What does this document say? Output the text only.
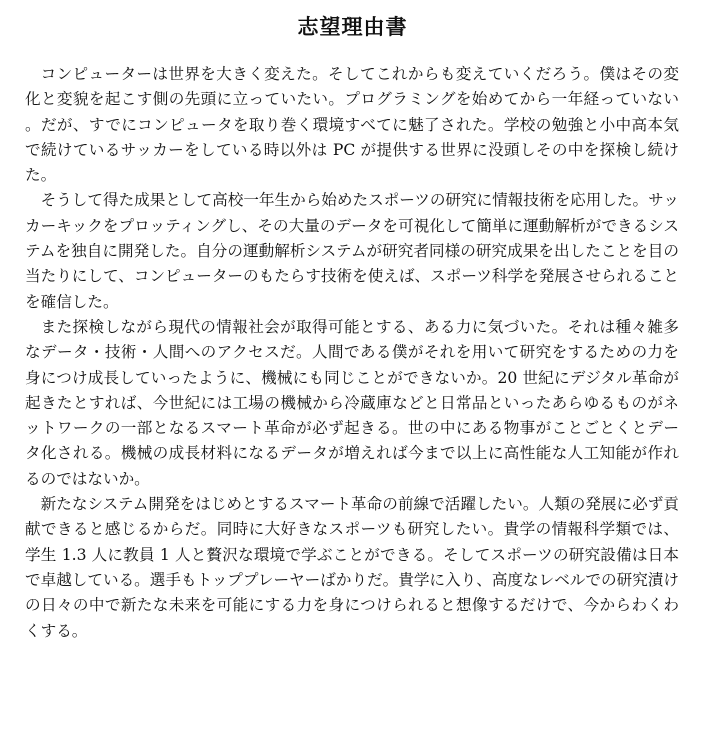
志望理由書

コンピューターは世界を大きく変えた。そしてこれからも変えていくだろう。僕はその変化と変貌を起こす側の先頭に立っていたい。プログラミングを始めてから一年経っていない。だが、すでにコンピュータを取り巻く環境すべてに魅了された。学校の勉強と小中高本気で続けているサッカーをしている時以外は PC が提供する世界に没頭しその中を探検し続けた。

そうして得た成果として高校一年生から始めたスポーツの研究に情報技術を応用した。サッカーキックをプロッティングし、その大量のデータを可視化して簡単に運動解析ができるシステムを独自に開発した。自分の運動解析システムが研究者同様の研究成果を出したことを目の当たりにして、コンピューターのもたらす技術を使えば、スポーツ科学を発展させられることを確信した。

また探検しながら現代の情報社会が取得可能とする、ある力に気づいた。それは種々雑多なデータ・技術・人間へのアクセスだ。人間である僕がそれを用いて研究をするための力を身につけ成長していったように、機械にも同じことができないか。20 世紀にデジタル革命が起きたとすれば、今世紀には工場の機械から冷蔵庫などと日常品といったあらゆるものがネットワークの一部となるスマート革命が必ず起きる。世の中にある物事がことごとくとデータ化される。機械の成長材料になるデータが増えれば今まで以上に高性能な人工知能が作れるのではないか。

新たなシステム開発をはじめとするスマート革命の前線で活躍したい。人類の発展に必ず貢献できると感じるからだ。同時に大好きなスポーツも研究したい。貴学の情報科学類では、学生 1.3 人に教員 1 人と贅沢な環境で学ぶことができる。そしてスポーツの研究設備は日本で卓越している。選手もトッププレーヤーばかりだ。貴学に入り、高度なレベルでの研究漬けの日々の中で新たな未来を可能にする力を身につけられると想像するだけで、今からわくわくする。
